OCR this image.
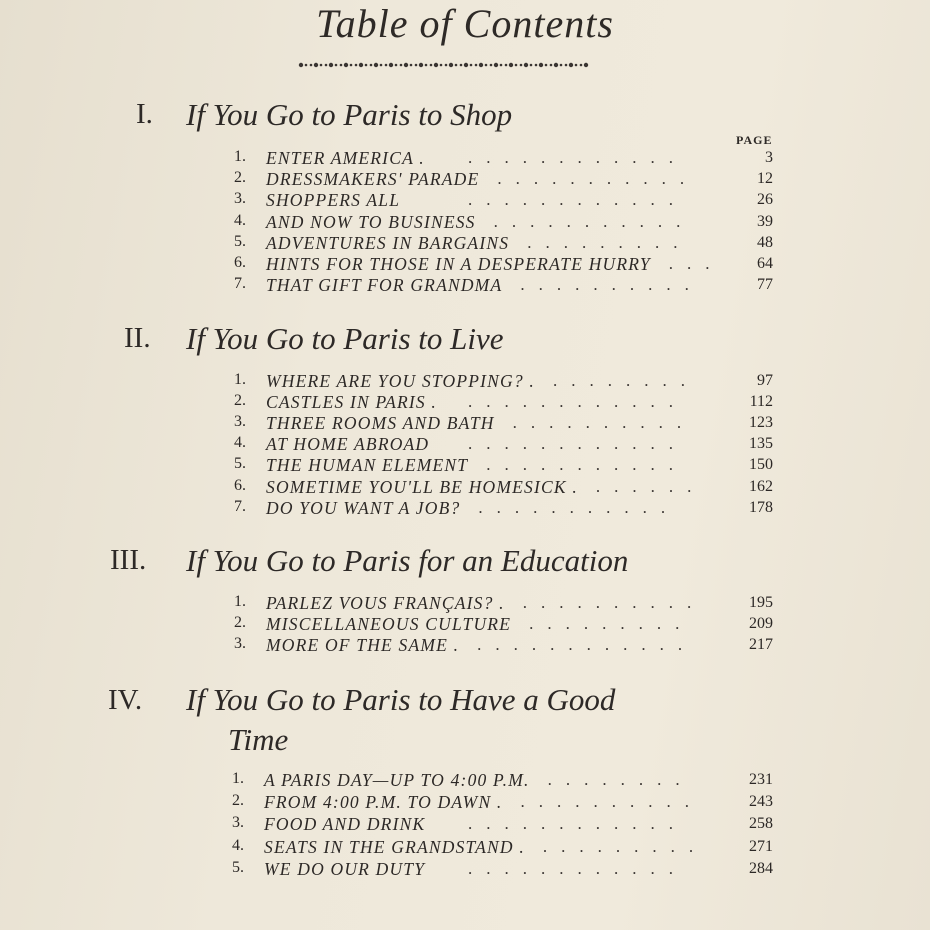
Table of Contents
I. If You Go to Paris to Shop
PAGE
1. ENTER AMERICA .	3
............
2. DRESSMAKERS' PARADE	12
...........
3. SHOPPERS ALL	26
............
4. AND NOW TO BUSINESS	39
...........
5. ADVENTURES IN BARGAINS	48
.........
6. HINTS FOR THOSE IN A DESPERATE HURRY	64
...
7. THAT GIFT FOR GRANDMA	77
..........
II. If You Go to Paris to Live
1. WHERE ARE YOU STOPPING? .	97
........
2. CASTLES IN PARIS .	112
............
3. THREE ROOMS AND BATH	123
..........
4. AT HOME ABROAD	135
............
5. THE HUMAN ELEMENT	150
...........
6. SOMETIME YOU'LL BE HOMESICK .	162
......
7. DO YOU WANT A JOB?	178
...........
III. If You Go to Paris for an Education
1. PARLEZ VOUS FRANÇAIS? .	195
..........
2. MISCELLANEOUS CULTURE	209
.........
3. MORE OF THE SAME .	217
............
IV. If You Go to Paris to Have a Good
Time
1. A PARIS DAY—UP TO 4:00 P.M.	231
........
2. FROM 4:00 P.M. TO DAWN .	243
..........
3. FOOD AND DRINK	258
............
4. SEATS IN THE GRANDSTAND .	271
.........
5. WE DO OUR DUTY	284
............
